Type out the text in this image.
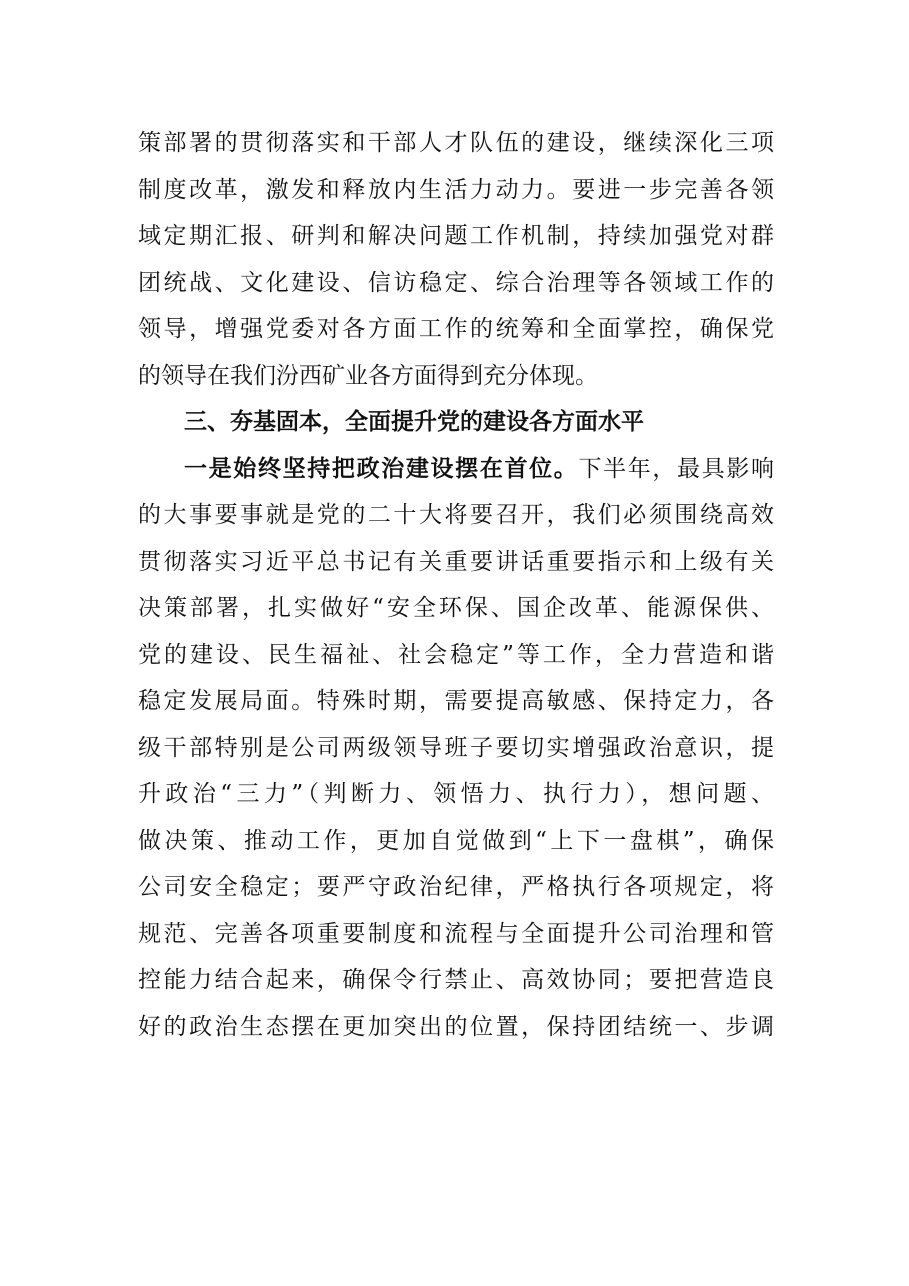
策部署的贯彻落实和干部人才队伍的建设，继续深化三项
制度改革，激发和释放内生活力动力。要进一步完善各领
域定期汇报、研判和解决问题工作机制，持续加强党对群
团统战、文化建设、信访稳定、综合治理等各领域工作的
领导，增强党委对各方面工作的统筹和全面掌控，确保党
的领导在我们汾西矿业各方面得到充分体现。
三、夯基固本，全面提升党的建设各方面水平
一是始终坚持把政治建设摆在首位。下半年，最具影响
的大事要事就是党的二十大将要召开，我们必须围绕高效
贯彻落实习近平总书记有关重要讲话重要指示和上级有关
决策部署，扎实做好“安全环保、国企改革、能源保供、
党的建设、民生福祉、社会稳定”等工作，全力营造和谐
稳定发展局面。特殊时期，需要提高敏感、保持定力，各
级干部特别是公司两级领导班子要切实增强政治意识，提
升政治“三力”（判断力、领悟力、执行力），想问题、
做决策、推动工作，更加自觉做到“上下一盘棋”，确保
公司安全稳定；要严守政治纪律，严格执行各项规定，将
规范、完善各项重要制度和流程与全面提升公司治理和管
控能力结合起来，确保令行禁止、高效协同；要把营造良
好的政治生态摆在更加突出的位置，保持团结统一、步调
